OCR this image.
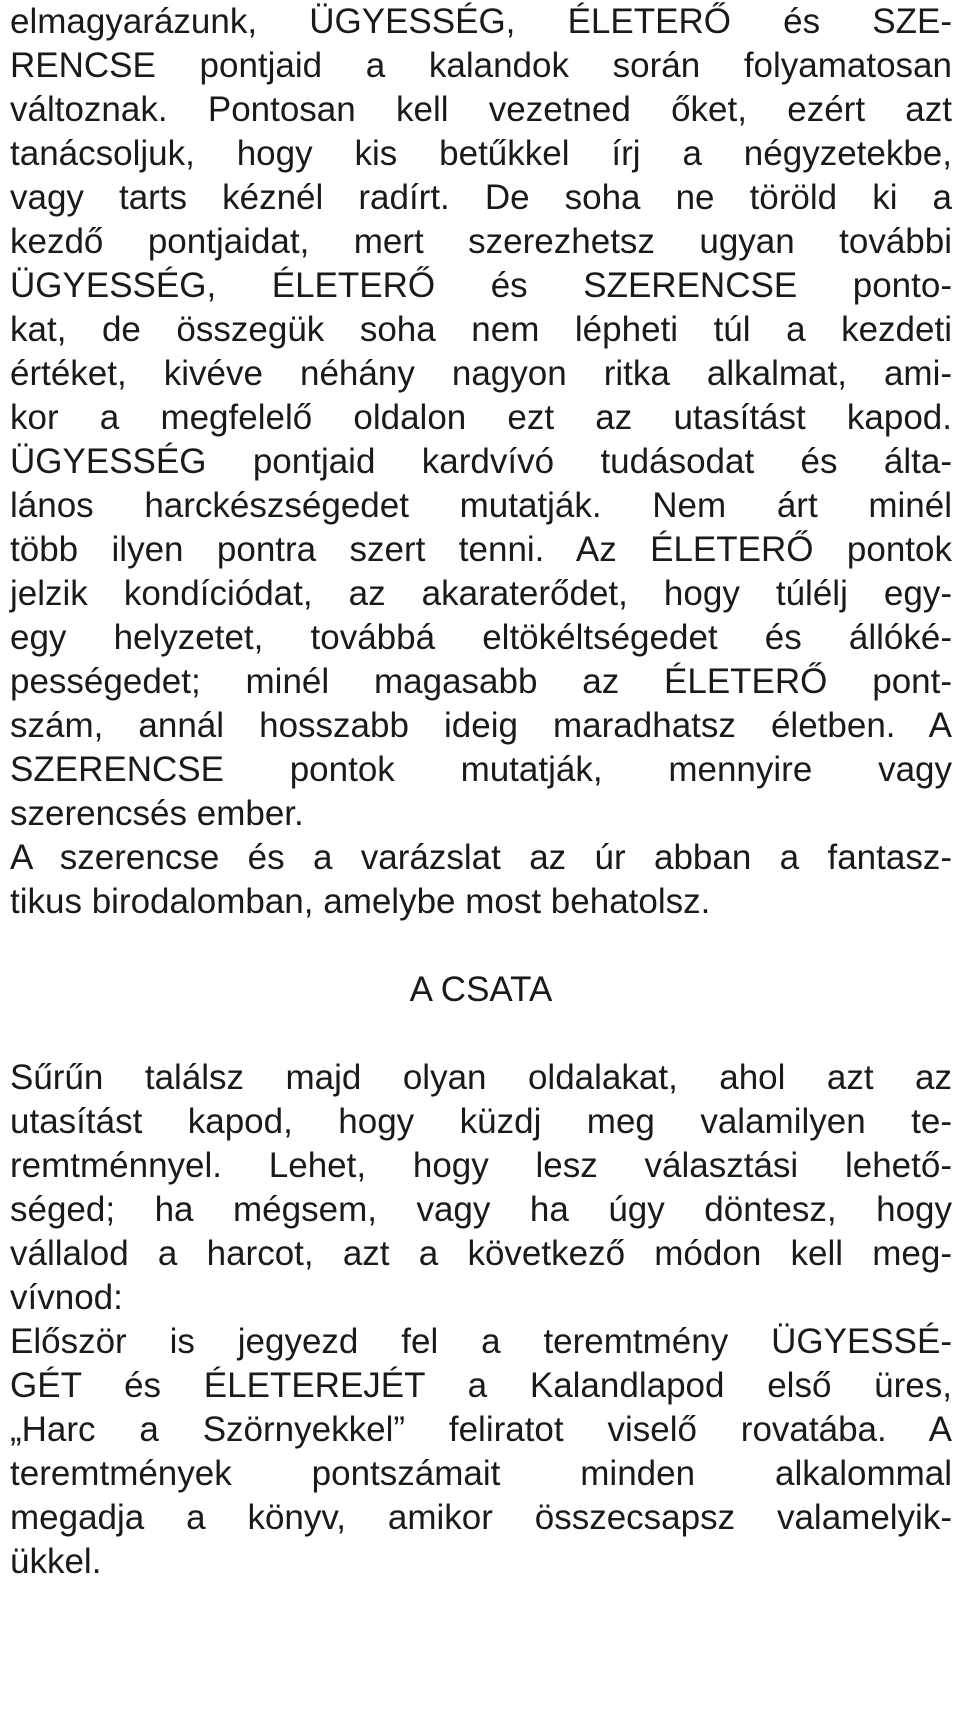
elmagyarázunk, ÜGYESSÉG, ÉLETERŐ és SZE-
RENCSE pontjaid a kalandok során folyamatosan
változnak. Pontosan kell vezetned őket, ezért azt
tanácsoljuk, hogy kis betűkkel írj a négyzetekbe,
vagy tarts kéznél radírt. De soha ne töröld ki a
kezdő pontjaidat, mert szerezhetsz ugyan további
ÜGYESSÉG, ÉLETERŐ és SZERENCSE ponto-
kat, de összegük soha nem lépheti túl a kezdeti
értéket, kivéve néhány nagyon ritka alkalmat, ami-
kor a megfelelő oldalon ezt az utasítást kapod.
ÜGYESSÉG pontjaid kardvívó tudásodat és álta-
lános harckészségedet mutatják. Nem árt minél
több ilyen pontra szert tenni. Az ÉLETERŐ pontok
jelzik kondíciódat, az akaraterődet, hogy túlélj egy-
egy helyzetet, továbbá eltökéltségedet és állóké-
pességedet; minél magasabb az ÉLETERŐ pont-
szám, annál hosszabb ideig maradhatsz életben. A
SZERENCSE pontok mutatják, mennyire vagy
szerencsés ember.
A szerencse és a varázslat az úr abban a fantasz-
tikus birodalomban, amelybe most behatolsz.
A CSATA
Sűrűn találsz majd olyan oldalakat, ahol azt az
utasítást kapod, hogy küzdj meg valamilyen te-
remtménnyel. Lehet, hogy lesz választási lehető-
séged; ha mégsem, vagy ha úgy döntesz, hogy
vállalod a harcot, azt a következő módon kell meg-
vívnod:
Először is jegyezd fel a teremtmény ÜGYESSÉ-
GÉT és ÉLETEREJÉT a Kalandlapod első üres,
„Harc a Szörnyekkel” feliratot viselő rovatába. A
teremtmények pontszámait minden alkalommal
megadja a könyv, amikor összecsapsz valamelyik-
ükkel.
